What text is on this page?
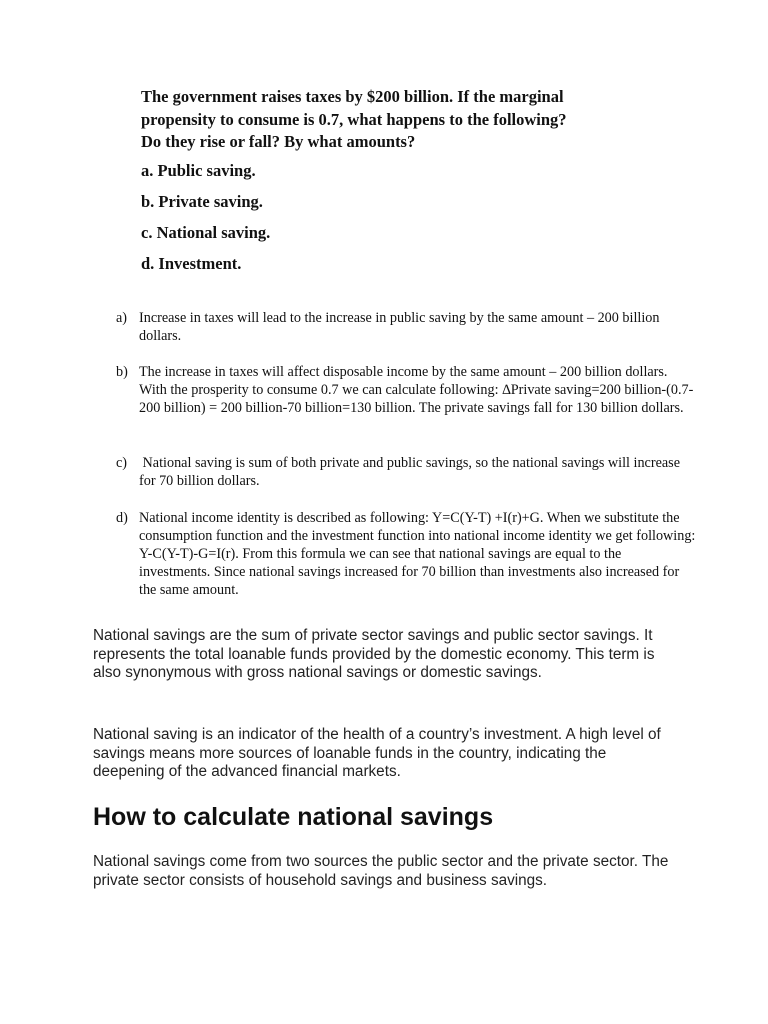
The government raises taxes by $200 billion. If the marginal propensity to consume is 0.7, what happens to the following? Do they rise or fall? By what amounts?

a. Public saving.

b. Private saving.

c. National saving.

d. Investment.

a) Increase in taxes will lead to the increase in public saving by the same amount – 200 billion dollars.
b) The increase in taxes will affect disposable income by the same amount – 200 billion dollars. With the prosperity to consume 0.7 we can calculate following: ∆Private saving=200 billion-(0.7-200 billion) = 200 billion-70 billion=130 billion. The private savings fall for 130 billion dollars.
c) National saving is sum of both private and public savings, so the national savings will increase for 70 billion dollars.
d) National income identity is described as following: Y=C(Y-T) +I(r)+G. When we substitute the consumption function and the investment function into national income identity we get following: Y-C(Y-T)-G=I(r). From this formula we can see that national savings are equal to the investments. Since national savings increased for 70 billion than investments also increased for the same amount.

National savings are the sum of private sector savings and public sector savings. It represents the total loanable funds provided by the domestic economy. This term is also synonymous with gross national savings or domestic savings.

National saving is an indicator of the health of a country’s investment. A high level of savings means more sources of loanable funds in the country, indicating the deepening of the advanced financial markets.

How to calculate national savings

National savings come from two sources the public sector and the private sector. The private sector consists of household savings and business savings.
